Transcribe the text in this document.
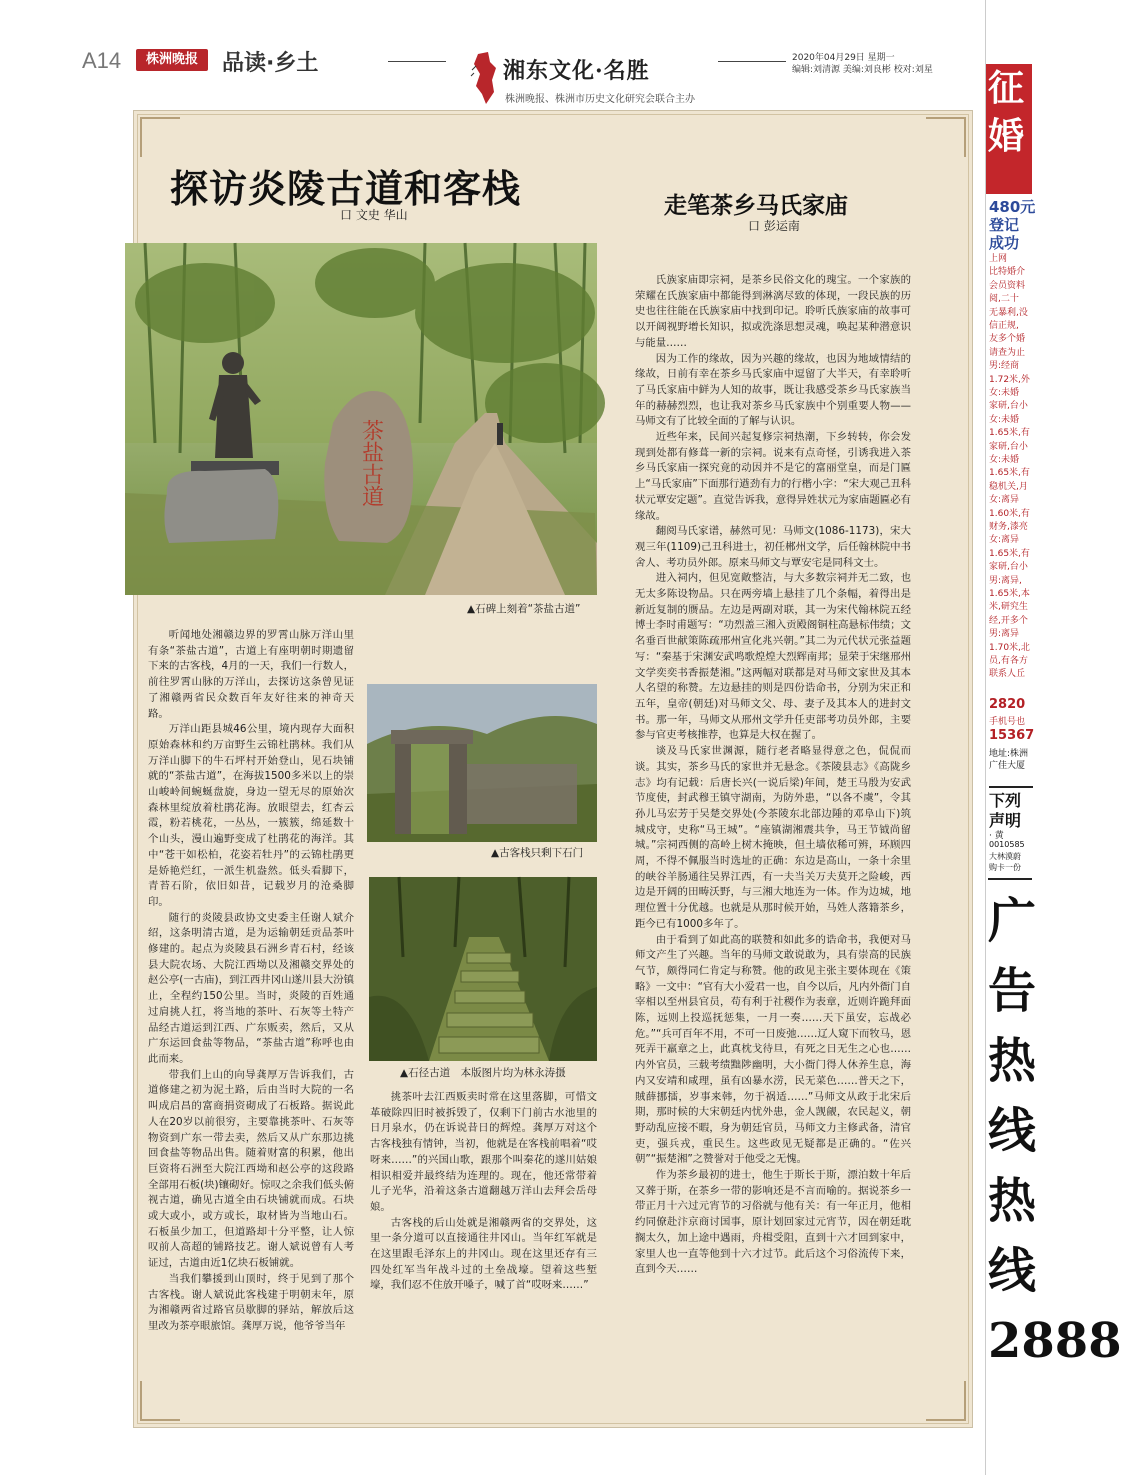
A14	株洲晚报	品读·乡土	湘东文化·名胜
株洲晚报、株洲市历史文化研究会联合主办
2020年04月29日 星期一
编辑:刘清源 美编:刘良彬 校对:刘星
探访炎陵古道和客栈
口 文史 华山	走笔茶乡马氏家庙
口 彭运南
茶盐古道
▲石碑上刻着“茶盐古道”
▲古客栈只剩下石门
▲石径古道　本版图片均为林永涛摄

听闻地处湘赣边界的罗霄山脉万洋山里有条“茶盐古道”，古道上有座明朝时期遗留下来的古客栈，4月的一天，我们一行数人，前往罗霄山脉的万洋山，去探访这条曾见证了湘赣两省民众数百年友好往来的神奇天路。

万洋山距县城46公里，境内现存大面积原始森林和约万亩野生云锦杜鹃林。我们从万洋山脚下的牛石坪村开始登山，见石块铺就的“茶盐古道”，在海拔1500多米以上的崇山峻岭间蜿蜒盘旋，身边一望无尽的原始次森林里绽放着杜鹃花海。放眼望去，红杏云霞，粉若桃花，一丛丛，一簇簇，绵延数十个山头，漫山遍野变成了杜鹃花的海洋。其中“苍干如松柏，花姿若牡丹”的云锦杜鹃更是娇艳烂红，一派生机盎然。低头看脚下，青苔石阶，依旧如昔，记载岁月的沧桑脚印。

随行的炎陵县政协文史委主任谢人斌介绍，这条明清古道，是为运输朝廷贡品茶叶修建的。起点为炎陵县石洲乡青石村，经该县大院农场、大院江西坳以及湘赣交界处的赵公亭(一古庙)，到江西井冈山遂川县大汾镇止，全程约150公里。当时，炎陵的百姓通过肩挑人扛，将当地的茶叶、石灰等土特产品经古道运到江西、广东贩卖，然后，又从广东运回食盐等物品，“茶盐古道”称呼也由此而来。

带我们上山的向导龚厚万告诉我们，古道修建之初为泥土路，后由当时大院的一名叫成启昌的富商捐资砌成了石板路。据说此人在20岁以前很穷，主要靠挑茶叶、石灰等物资到广东一带去卖，然后又从广东那边挑回食盐等物品出售。随着财富的积累，他出巨资将石洲至大院江西坳和赵公亭的这段路全部用石板(块)镶砌好。惊叹之余我们低头俯视古道，确见古道全由石块铺就而成。石块或大或小，或方或长，取材皆为当地山石。石板虽少加工，但道路却十分平整，让人惊叹前人高超的铺路技艺。谢人斌说曾有人考证过，古道由近1亿块石板铺就。

当我们攀援到山顶时，终于见到了那个古客栈。谢人斌说此客栈建于明朝末年，原为湘赣两省过路官员歇脚的驿站，解放后这里改为茶亭眼旅馆。龚厚万说，他爷爷当年

挑茶叶去江西贩卖时常在这里落脚，可惜文革破除四旧时被拆毁了，仅剩下门前古水池里的日月泉水，仍在诉说昔日的辉煌。龚厚万对这个古客栈独有情钟，当初，他就是在客栈前唱着“哎呀来……”的兴国山歌，跟那个叫秦花的遂川姑娘相识相爱并最终结为连理的。现在，他还常带着儿子光华，沿着这条古道翻越万洋山去拜会岳母娘。

古客栈的后山处就是湘赣两省的交界处，这里一条分道可以直接通往井冈山。当年红军就是在这里跟毛泽东上的井冈山。现在这里还存有三四处红军当年战斗过的土垒战壕。望着这些堑壕，我们忍不住放开嗓子，喊了首“哎呀来……”

氏族家庙即宗祠，是茶乡民俗文化的瑰宝。一个家族的荣耀在氏族家庙中都能得到淋漓尽致的体现，一段民族的历史也往往能在氏族家庙中找到印记。聆听氏族家庙的故事可以开阔视野增长知识，拟或洗涤思想灵魂，唤起某种潜意识与能量……

因为工作的缘故，因为兴趣的缘故，也因为地域情结的缘故，日前有幸在茶乡马氏家庙中逗留了大半天，有幸聆听了马氏家庙中鲜为人知的故事，既让我感受茶乡马氏家族当年的赫赫烈烈，也让我对茶乡马氏家族中个别重要人物——马师文有了比较全面的了解与认识。

近些年来，民间兴起复修宗祠热潮，下乡转转，你会发现到处都有修葺一新的宗祠。说来有点奇怪，引诱我进入茶乡马氏家庙一探究竟的动因并不是它的富丽堂皇，而是门匾上“马氏家庙”下面那行遒劲有力的行楷小字：“宋大观己丑科状元覃安定题”。直觉告诉我，意得异姓状元为家庙题匾必有缘故。

翻阅马氏家谱，赫然可见：马师文(1086-1173)，宋大观三年(1109)己丑科进士，初任郴州文学，后任翰林院中书舍人、考功员外郎。原来马师文与覃安宅是同科文士。

进入祠内，但见宽敞整洁，与大多数宗祠并无二致，也无太多陈设物品。只在两旁墙上悬挂了几个条幅，着得出是新近复制的赝品。左边是两副对联，其一为宋代翰林院五经博士李时甫题写：“功烈盖三湘入贡殿阁铜柱高悬标伟绩；文名垂百世献策陈疏邢州宣化兆兴朝。”其二为元代状元张益题写：“秦基于宋渊安武鸣歌煌煌大烈辉南邦；显荣于宋继邢州文学奕奕书香振楚湘。”这两幅对联都是对马师文家世及其本人名望的称赞。左边悬挂的则是四份诰命书，分别为宋正和五年，皇帝(朝廷)对马师文父、母、妻子及其本人的进封文书。那一年，马师文从邢州文学升任吏部考功员外郎，主要参与官吏考核推荐，也算是大权在握了。

谈及马氏家世渊源，随行老者略显得意之色，侃侃而谈。其实，茶乡马氏的家世并无悬念。《茶陵县志》《高陇乡志》均有记载：后唐长兴(一说后梁)年间，楚王马殷为安武节度使，封武穆王镇守湖南，为防外患，“以各不虞”，令其孙儿马宏芳于吴楚交界处(今茶陵东北部边陲的邓阜山下)筑城戍守，史称“马王城”。“座镇湖湘震共争，马王节钺尚留城。”宗祠西侧的高岭上树木掩映，但土墙依稀可辨，环顾四周，不得不佩服当时选址的正确：东边是高山，一条十余里的峡谷羊肠通往吴界江西，有一夫当关万夫莫开之险峻，西边是开阔的田畴沃野，与三湘大地连为一体。作为边城，地理位置十分优越。也就是从那时候开始，马姓人落籍茶乡，距今已有1000多年了。

由于看到了如此高的联赞和如此多的诰命书，我便对马师文产生了兴趣。当年的马师文敢说敢为，具有崇高的民族气节，颇得同仁肯定与称赞。他的政见主张主要体现在《策略》一文中：“官有大小爱君一也，自今以后，凡内外衙门自宰相以至州县官员，苟有利于社稷作为表章，近则许跪拜面陈，远则上投巡抚惩集，一月一奏……天下虽安，忘战必危。”“兵可百年不用，不可一日废弛……辽人窥下而牧马，恩死弄干羸章之上，此真枕戈待旦，有死之日无生之心也……内外官员，三载考绩黜陟幽明，大小衙门得人休养生息，海内又安靖和咸理，虽有凶暴水涝，民无菜色……普天之下，賊薛挪擂，岁事来韩，勿于祸适……”马师文从政于北宋后期，那时候的大宋朝廷内忧外患，金人觊觎，农民起义，朝野动乱应接不暇，身为朝廷官员，马师文力主修武备，清官吏，强兵戎，重民生。这些政见无疑都是正确的。“佐兴朝”“振楚湘”之赞誉对于他受之无愧。

作为茶乡最初的进士，他生于斯长于斯，漂泊数十年后又葬于斯，在茶乡一带的影响还是不言而喻的。据说茶乡一带正月十六过元宵节的习俗就与他有关：有一年正月，他相约同僚赴汴京商讨国事，原计划回家过元宵节，因在朝廷耽搁太久，加上途中遇雨，舟楫受阻，直到十六才回到家中，家里人也一直等他到十六才过节。此后这个习俗流传下来，直到今天……

征婚
480元
登记
成功
上网
比特婚介
会员资料
阅,二十
无暴利,没
信正规,
友多个婚
请查为止
男:经商
1.72米,外
女:未婚
家研,台小
女:未婚
1.65米,有
家研,台小
女:未婚
1.65米,有
稳机关,月
女:离异
1.60米,有
财务,漆亮
女:离异
1.65米,有
家研,台小
男:离异,
1.65米,本
米,研究生
经,开多个
男:离异
1.70米,北
员,有各方
联系人丘
2820
手机号也
15367
地址:株洲
广佳大厦
下列
声明
· 黄
0010585
大林漠蔚
购卡一份
广告热线热线2888
